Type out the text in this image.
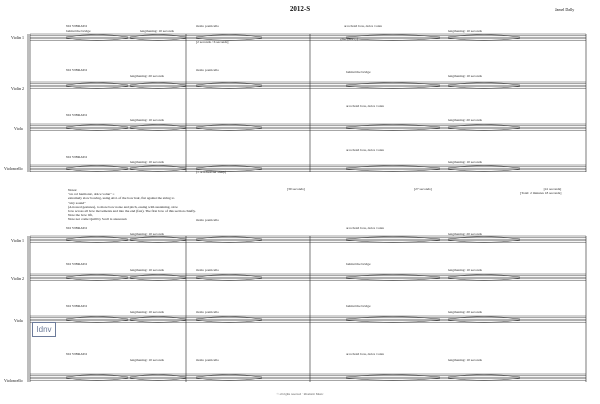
2012-S	Jamel Dally
Violin 1
Violin 2
Viola
Violoncello
Violin 1
Violin 2
Viola
Violoncello
NO VIBRATO
behind the bridge	lengthening: 10 seconds
molto ponticello	arco/hold bow, dolce volan
lengthening: 10 seconds
[2 seconds / 6 seconds]
gliss (heavy)
NO VIBRATO
lengthening: 20 seconds
molto ponticello	behind the bridge
lengthening: 10 seconds
NO VIBRATO
lengthening: 10 seconds
arco/hold bow, dolce volan
lengthening: 20 seconds
NO VIBRATO
lengthening: 10 seconds
(1 ord./heavier sharp)
arco/hold bow, dolce volan
lengthening: 10 seconds
[30 seconds]	[27 seconds]	[41 seconds]
[Total: 2 minutes 18 seconds]
Notes:
"on col harmonic, dolce volan" =
extremely slow bowing, using ALL of the bow hair, flat against the string to
"airy sound"
(Arrowed gestures), to more bow noise and pitch, easing with sustaining, slow
bow across all bow movements and into the end (fast). The first bow of this section chiefly.
Note the bow lift,
Note not come Quill by Scoll is answered.
NO VIBRATO
lengthening: 10 seconds
molto ponticello
arco/hold bow, dolce volan
lengthening: 20 seconds
NO VIBRATO
lengthening: 10 seconds	molto ponticello
behind the bridge
lengthening: 10 seconds
NO VIBRATO
lengthening: 10 seconds	molto ponticello
behind the bridge
lengthening: 20 seconds
NO VIBRATO
lengthening: 10 seconds	molto ponticello
arco/hold bow, dolce volan
lengthening: 10 seconds
Idnv
© all rights reserved · Idiomatic Music
